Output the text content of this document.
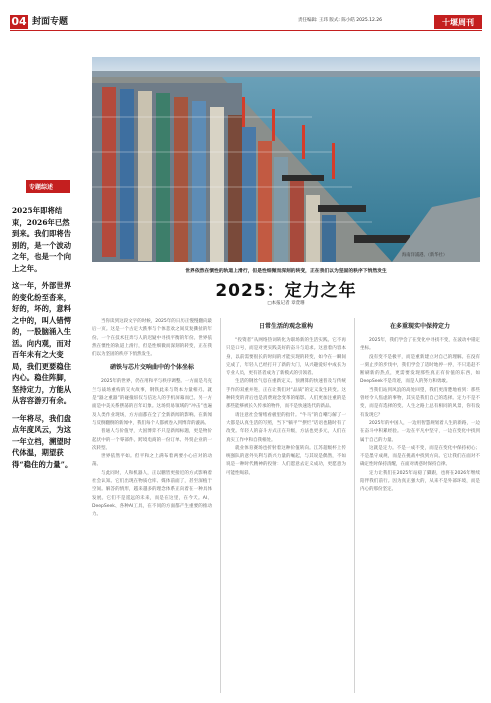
04 封面专题	责任编辑: 王玮 版式: 陈小皓 2025.12.26	十堰周刊
专题综述

2025年即将结束，2026年已然到来。我们即将告别的，是一个波动之年，也是一个向上之年。

这一年，外部世界的变化纷至沓来，好的，坏的，意料之中的，叫人错愕的，一股脑涌入生活。向内观，而对百年未有之大变局，我们更要稳住内心。稳住阵脚，坚持定力，方能从从容容游刃有余。

一年将尽，我们盘点年度风云，为这一年立档，溯望时代体温，期望获得“稳住的力量”。

海南洋浦港。（新华社）
世界依然在惯性的轨道上滑行，但是性细微而深刻的转变，正在我们以为坚固的秩序下悄然发生
2025：定力之年
□本报记者 章萱珊

当你读到这段文字的时候，2025年的日历正慢慢翻向最后一页。这是一个古定大跌事与个体悲欢之间反复撕扯的年份。一个在技术狂奔与人的迟疑中寻找平衡的年份。世界依然在惯性的轨道上滑行，但是性细微而深刻的转变，正在我们以为坚固的秩序下悄然发生。

硝铁与芯片交响曲中的个体坐标

2025年的世界，仍在用和平与秩序调整。一方面是乌克兰与战场重构的交火故事，钢铁此来与资本力量相刃。就是“器之重器”的碰撞诉仅与信达人的手机屏幕而已。另一方面是中美关系摆荡的百年幻象。这场贸易领域的“冲击”也遍及人类作业现场，方方面都在全了全新新闻的影响。在新闻与反倒翻倒的新闻中，我们每个人都被卷入到博弈的漩涡。

普通人与价值导，大国博弈不只是新闻标题，更是物价起伏中的一个零部件。跨境电商的一份订单、外贸企业的一次转型。

世界依然平如。但平和之上满布着两要小心应对的动荡。

与此同时，人和机器人，正以鹏皆更接近的方式影响着社会认知。它们出现在物质仓库、媒体前面了，甚至深植于空间。解答的情形，越来越多的理念体系正向着在一种具体发展。它们不是遥远的未来，而是在这里，在今天。AI、DeepSeek、各种AI工具，在不同的方面都产生重要的推动力。

日常生活的观念重构

“投资者”从网络热词转化为职场新的生活实践。它不再只是口号，而是对更实践美好的奋斗与追求。这意着内容本身，以前需要很长的时间的才能实现的转变，如今在一瞬间完成了，年轻人已经打开了新的大门，从兴趣爱好中成长为专业人员，更有甚者成为了新模式的引领者。

生活的钢丝气息在重新定义。预测算的快速普及与传统手作的双重并进，正在让我们对“品质”的定义发生转变。这种转变的背后也是消费观念变革的缩影。人们更加注重的是那些能够被长久传承的物件，而不是快速迭代的新品。

请注意社会情绪看板里的指针。“牛马”的自嘲与解了一大都是认真生活的写照，当下“躺平”“摆烂”话语也随时有了改变。年轻人的奋斗方式正在升级，方法也更多元，人们在真实工作中和自我相处。

就业体育赛场也折射着这种价值转向。江苏超级杯上传统强队的意外失利与新兴力量的崛起，与其说是偶然，不如说是一种时代精神的投射：人们愿意去定义成功，更愿意为可能性喝彩。

在多重现实中保持定力

2025年，我们学会了在变化中寻找不变，在波动中锚定坐标。

没有变不是极平，而是重新建立对自己的理解。在没有一刻止步的步伐中，我们学会了适时地停一停，不只追赶不断刷新的热点，更需要发现那些真正有价值的东西，如DeepSeek不是奇迹，而是人的努力和勇敢。

当我们站到风浪的高处回望，我们更清楚地看到：那些曾经令人焦虑的事物，其实是我们自己的选择。定力不是不变，而是有选择的变。人生之路上总有相同的风景，你有没有发现它？

2025年的中国人，一边用智慧规划着人生的新路，一边在奋斗中积累经验。一边在平凡中坚守，一边在变化中找到属于自己的力量。

这就是定力。不是一成不变，而是在变化中保持初心；不是墨守成规，而是在挑战中找到方向。它让我们在面对不确定性时保持清醒，在面对诱惑时保持自律。

定力让我们在2025年站稳了脚跟，也将在2026年继续陪伴我们前行。因为真正强大的，从来不是外部环境，而是内心的那份坚定。
